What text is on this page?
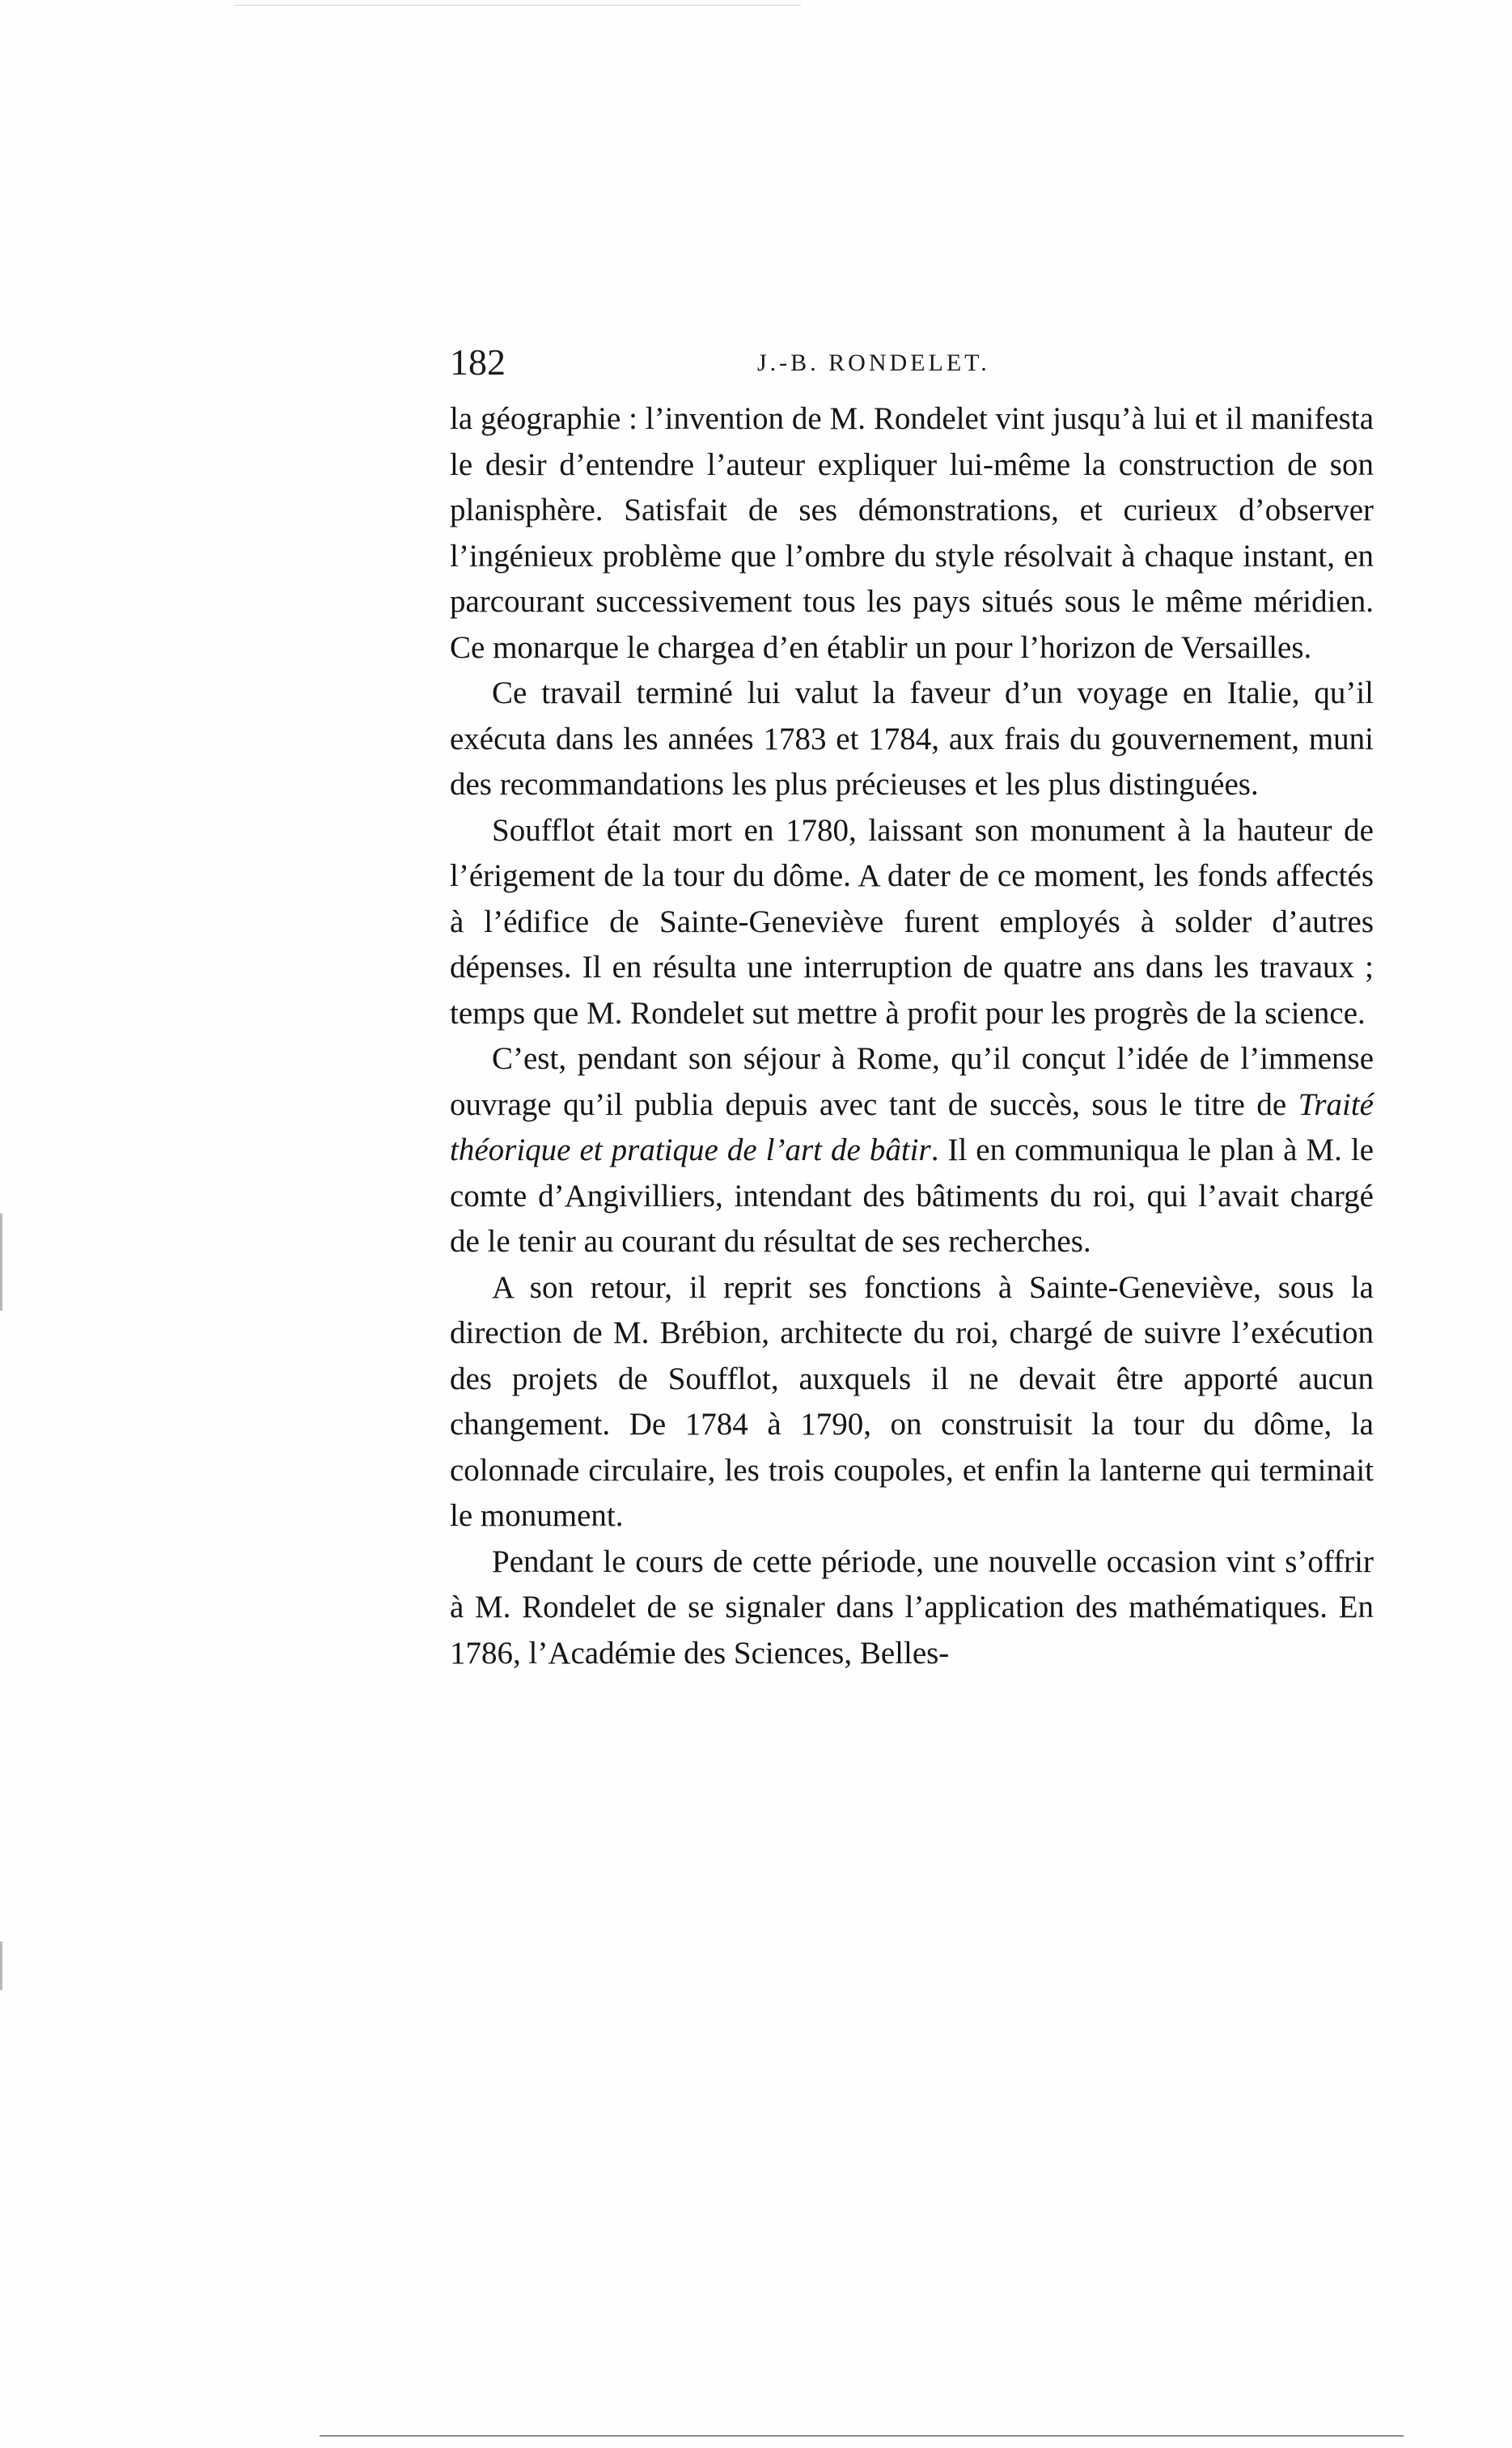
182	J.-B. RONDELET.

la géographie : l’invention de M. Rondelet vint jusqu’à lui et il manifesta le desir d’entendre l’auteur expliquer lui-même la construction de son planisphère. Satisfait de ses démonstrations, et curieux d’observer l’ingénieux problème que l’ombre du style résolvait à chaque instant, en parcourant successivement tous les pays situés sous le même méridien. Ce monarque le chargea d’en établir un pour l’horizon de Versailles.

Ce travail terminé lui valut la faveur d’un voyage en Italie, qu’il exécuta dans les années 1783 et 1784, aux frais du gouvernement, muni des recommandations les plus précieuses et les plus distinguées.

Soufflot était mort en 1780, laissant son monument à la hauteur de l’érigement de la tour du dôme. A dater de ce moment, les fonds affectés à l’édifice de Sainte-Geneviève furent employés à solder d’autres dépenses. Il en résulta une interruption de quatre ans dans les travaux ; temps que M. Rondelet sut mettre à profit pour les progrès de la science.

C’est, pendant son séjour à Rome, qu’il conçut l’idée de l’immense ouvrage qu’il publia depuis avec tant de succès, sous le titre de Traité théorique et pratique de l’art de bâtir. Il en communiqua le plan à M. le comte d’Angivilliers, intendant des bâtiments du roi, qui l’avait chargé de le tenir au courant du résultat de ses recherches.

A son retour, il reprit ses fonctions à Sainte-Geneviève, sous la direction de M. Brébion, architecte du roi, chargé de suivre l’exécution des projets de Soufflot, auxquels il ne devait être apporté aucun changement. De 1784 à 1790, on construisit la tour du dôme, la colonnade circulaire, les trois coupoles, et enfin la lanterne qui terminait le monument.

Pendant le cours de cette période, une nouvelle occasion vint s’offrir à M. Rondelet de se signaler dans l’application des mathématiques. En 1786, l’Académie des Sciences, Belles-
